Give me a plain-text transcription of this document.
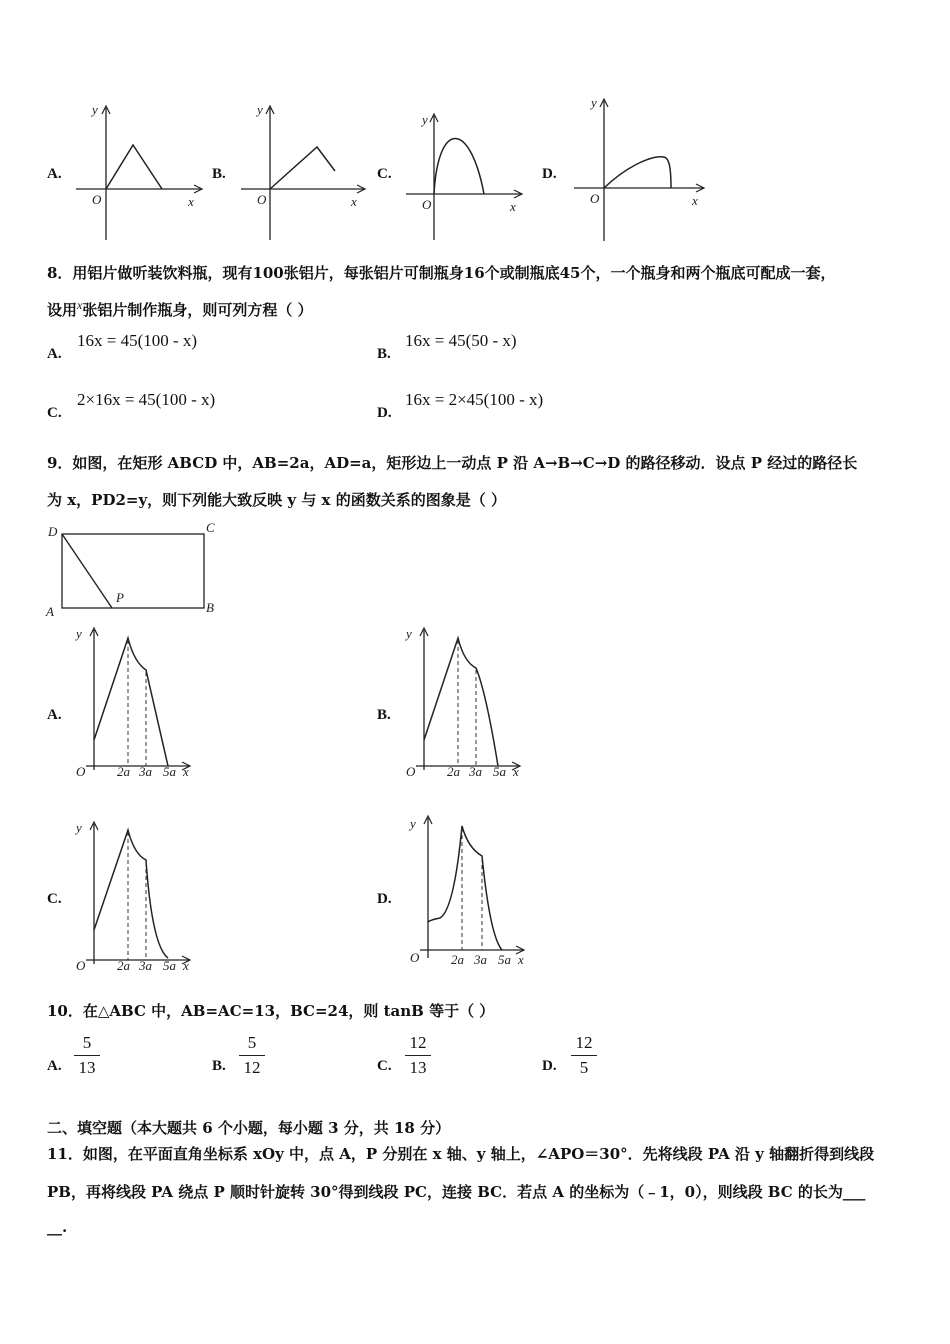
A.
y
x
O
B.
y
x
O
C.
y
x
O
D.
y
x
O
8．用铝片做听装饮料瓶，现有100张铝片，每张铝片可制瓶身16个或制瓶底45个，一个瓶身和两个瓶底可配成一套，
设用$^x$张铝片制作瓶身，则可列方程（ ）
A.
16x = 45(100 - x)
B.
16x = 45(50 - x)
C.
2×16x = 45(100 - x)
D.
16x = 2×45(100 - x)
9．如图，在矩形 ABCD 中，AB=2a，AD=a，矩形边上一动点 P 沿 A→B→C→D 的路径移动．设点 P 经过的路径长
为 x，PD2=y，则下列能大致反映 y 与 x 的函数关系的图象是（ ）
D	C
A	B
P
A.
y
O 2a 3a 5a x
B.
y
O 2a 3a 5a x
C.
y
O 2a 3a 5a x
D.
y
O 2a 3a 5a x
10．在△ABC 中，AB=AC=13，BC=24，则 tanB 等于（ ）
A.
5
13	B.
5
12	C.
12
13	D.
12
5
二、填空题（本大题共 6 个小题，每小题 3 分，共 18 分）
11．如图，在平面直角坐标系 xOy 中，点 A，P 分别在 x 轴、y 轴上，∠APO＝30°．先将线段 PA 沿 y 轴翻折得到线段
PB，再将线段 PA 绕点 P 顺时针旋转 30°得到线段 PC，连接 BC．若点 A 的坐标为（﹣1，0），则线段 BC 的长为___
__.
